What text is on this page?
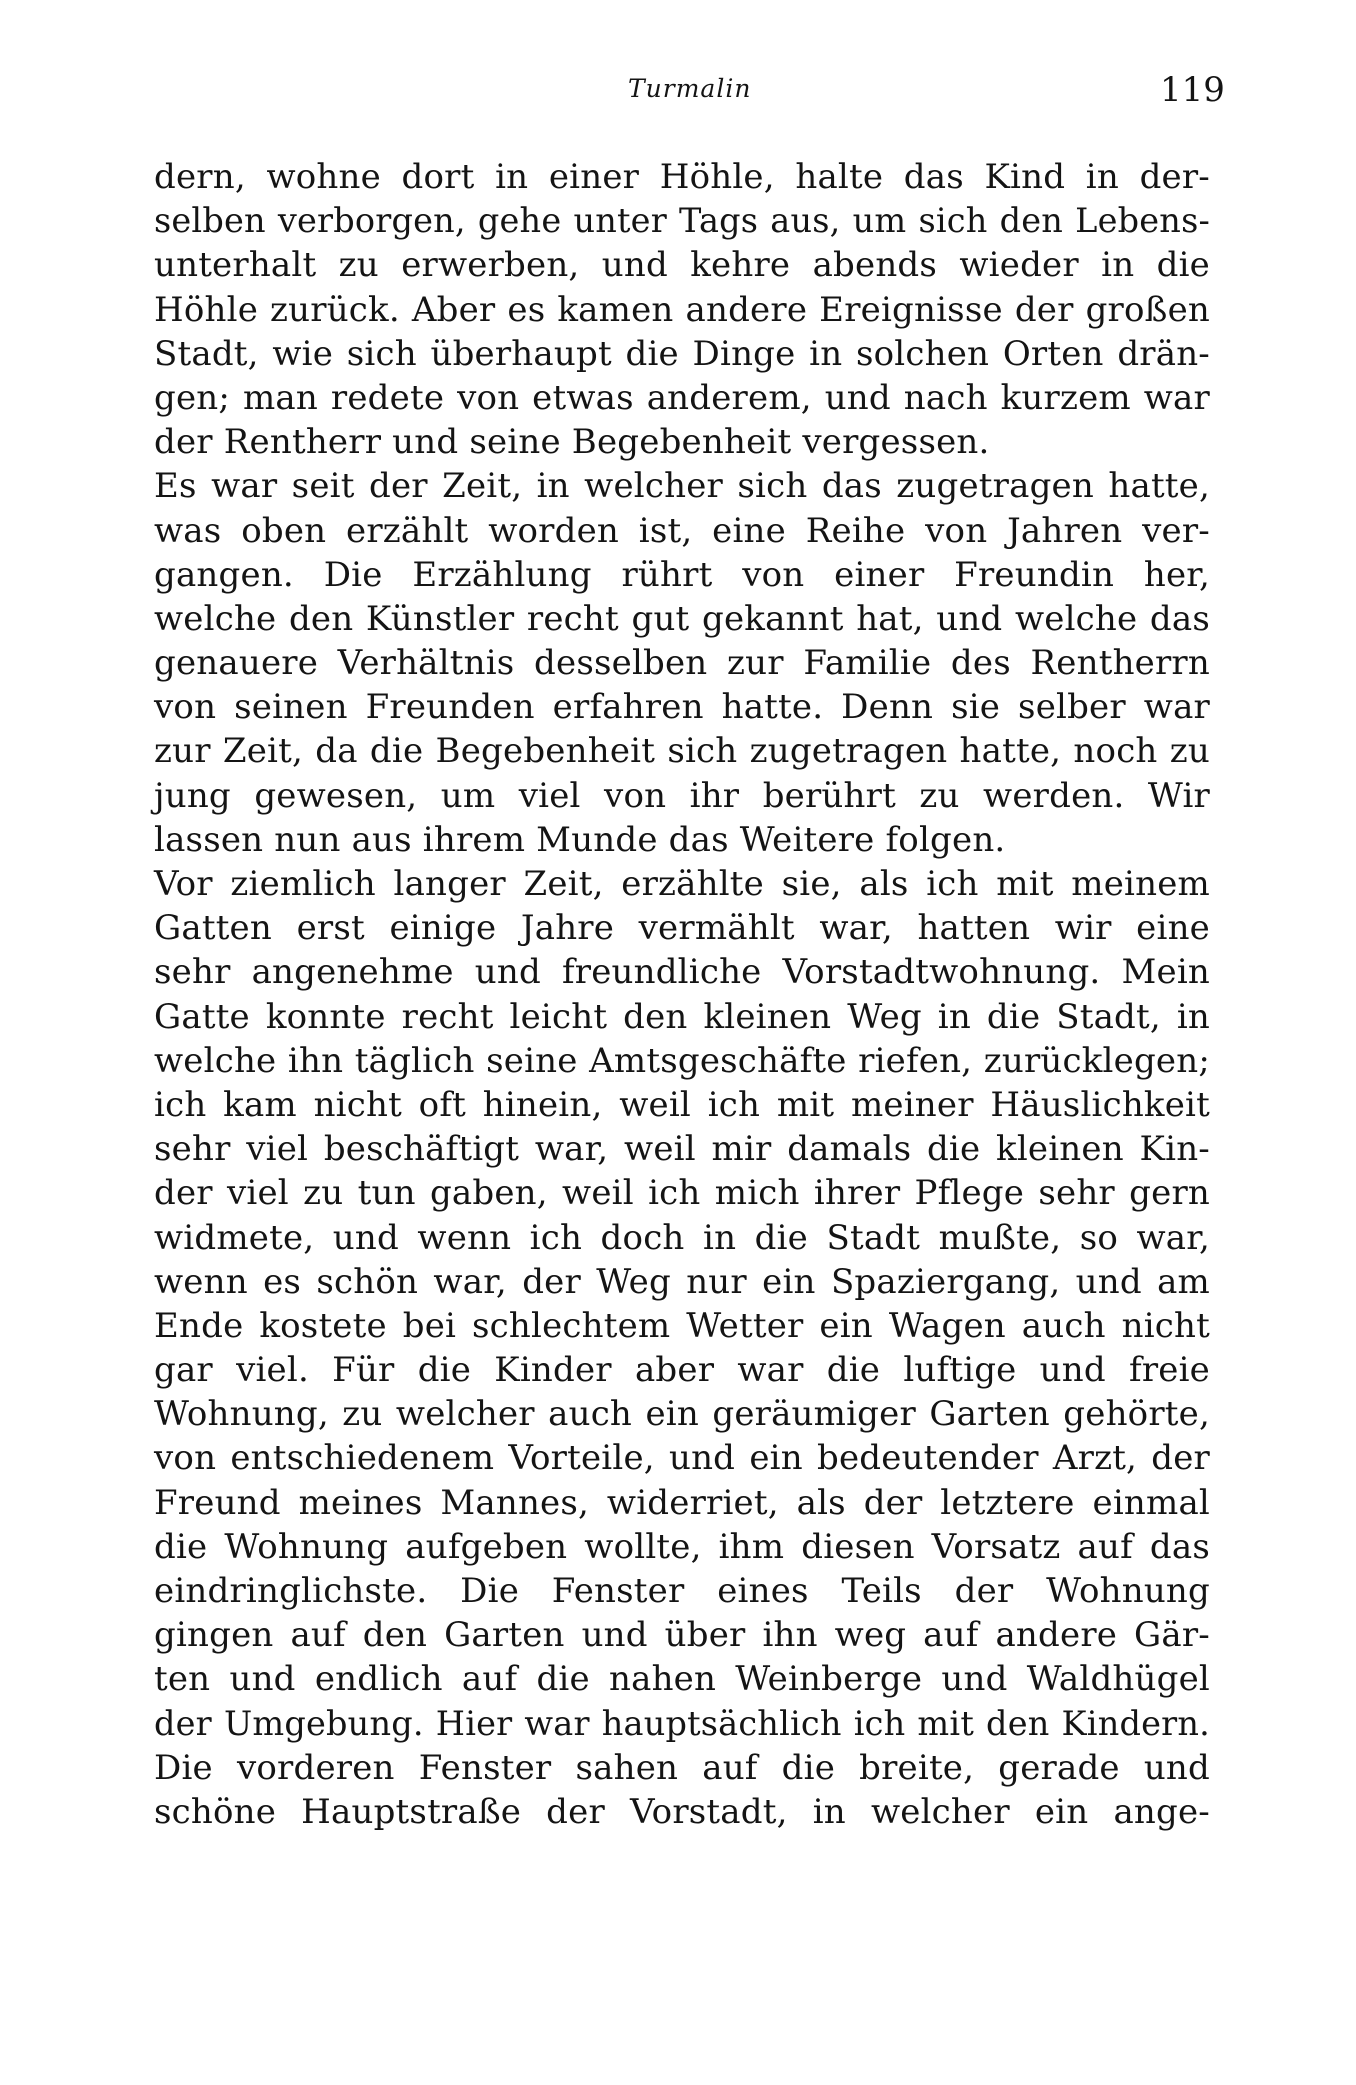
Turmalin	119
dern, wohne dort in einer Höhle, halte das Kind in der-
selben verborgen, gehe unter Tags aus, um sich den Lebens-
unterhalt zu erwerben, und kehre abends wieder in die
Höhle zurück. Aber es kamen andere Ereignisse der großen
Stadt, wie sich überhaupt die Dinge in solchen Orten drän-
gen; man redete von etwas anderem, und nach kurzem war
der Rentherr und seine Begebenheit vergessen.
Es war seit der Zeit, in welcher sich das zugetragen hatte,
was oben erzählt worden ist, eine Reihe von Jahren ver-
gangen. Die Erzählung rührt von einer Freundin her,
welche den Künstler recht gut gekannt hat, und welche das
genauere Verhältnis desselben zur Familie des Rentherrn
von seinen Freunden erfahren hatte. Denn sie selber war
zur Zeit, da die Begebenheit sich zugetragen hatte, noch zu
jung gewesen, um viel von ihr berührt zu werden. Wir
lassen nun aus ihrem Munde das Weitere folgen.
Vor ziemlich langer Zeit, erzählte sie, als ich mit meinem
Gatten erst einige Jahre vermählt war, hatten wir eine
sehr angenehme und freundliche Vorstadtwohnung. Mein
Gatte konnte recht leicht den kleinen Weg in die Stadt, in
welche ihn täglich seine Amtsgeschäfte riefen, zurücklegen;
ich kam nicht oft hinein, weil ich mit meiner Häuslichkeit
sehr viel beschäftigt war, weil mir damals die kleinen Kin-
der viel zu tun gaben, weil ich mich ihrer Pflege sehr gern
widmete, und wenn ich doch in die Stadt mußte, so war,
wenn es schön war, der Weg nur ein Spaziergang, und am
Ende kostete bei schlechtem Wetter ein Wagen auch nicht
gar viel. Für die Kinder aber war die luftige und freie
Wohnung, zu welcher auch ein geräumiger Garten gehörte,
von entschiedenem Vorteile, und ein bedeutender Arzt, der
Freund meines Mannes, widerriet, als der letztere einmal
die Wohnung aufgeben wollte, ihm diesen Vorsatz auf das
eindringlichste. Die Fenster eines Teils der Wohnung
gingen auf den Garten und über ihn weg auf andere Gär-
ten und endlich auf die nahen Weinberge und Waldhügel
der Umgebung. Hier war hauptsächlich ich mit den Kindern.
Die vorderen Fenster sahen auf die breite, gerade und
schöne Hauptstraße der Vorstadt, in welcher ein ange-
